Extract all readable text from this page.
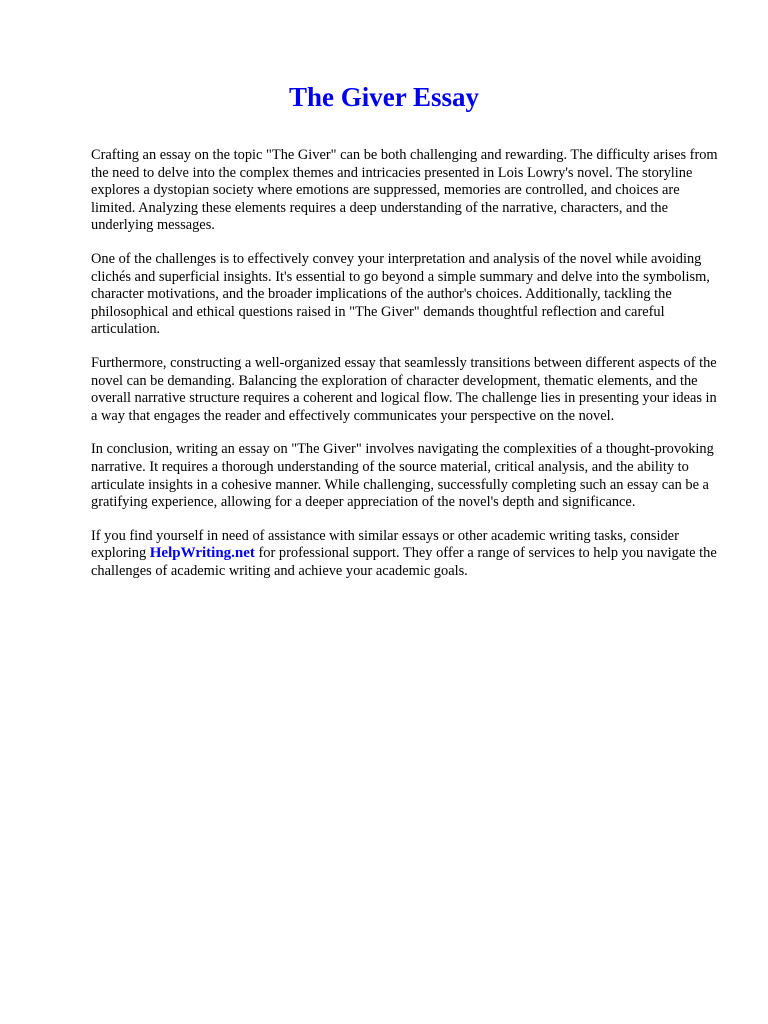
The Giver Essay

Crafting an essay on the topic "The Giver" can be both challenging and rewarding. The difficulty arises from the need to delve into the complex themes and intricacies presented in Lois Lowry's novel. The storyline explores a dystopian society where emotions are suppressed, memories are controlled, and choices are limited. Analyzing these elements requires a deep understanding of the narrative, characters, and the underlying messages.

One of the challenges is to effectively convey your interpretation and analysis of the novel while avoiding clichés and superficial insights. It's essential to go beyond a simple summary and delve into the symbolism, character motivations, and the broader implications of the author's choices. Additionally, tackling the philosophical and ethical questions raised in "The Giver" demands thoughtful reflection and careful articulation.

Furthermore, constructing a well-organized essay that seamlessly transitions between different aspects of the novel can be demanding. Balancing the exploration of character development, thematic elements, and the overall narrative structure requires a coherent and logical flow. The challenge lies in presenting your ideas in a way that engages the reader and effectively communicates your perspective on the novel.

In conclusion, writing an essay on "The Giver" involves navigating the complexities of a thought-provoking narrative. It requires a thorough understanding of the source material, critical analysis, and the ability to articulate insights in a cohesive manner. While challenging, successfully completing such an essay can be a gratifying experience, allowing for a deeper appreciation of the novel's depth and significance.

If you find yourself in need of assistance with similar essays or other academic writing tasks, consider exploring HelpWriting.net for professional support. They offer a range of services to help you navigate the challenges of academic writing and achieve your academic goals.
